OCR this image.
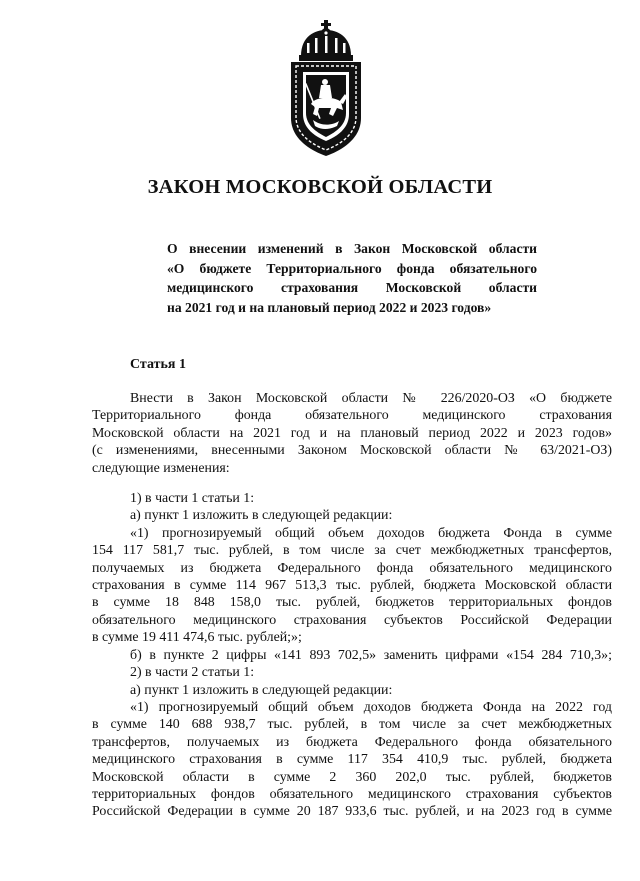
ЗАКОН МОСКОВСКОЙ ОБЛАСТИ
О внесении изменений в Закон Московской области
«О бюджете Территориального фонда обязательного
медицинского страхования Московской области
на 2021 год и на плановый период 2022 и 2023 годов»
Статья 1
Внести в Закон Московской области № 226/2020-ОЗ «О бюджете
Территориального фонда обязательного медицинского страхования
Московской области на 2021 год и на плановый период 2022 и 2023 годов»
(с изменениями, внесенными Законом Московской области № 63/2021-ОЗ)
следующие изменения:
1) в части 1 статьи 1:
а) пункт 1 изложить в следующей редакции:
«1) прогнозируемый общий объем доходов бюджета Фонда в сумме
154 117 581,7 тыс. рублей, в том числе за счет межбюджетных трансфертов,
получаемых из бюджета Федерального фонда обязательного медицинского
страхования в сумме 114 967 513,3 тыс. рублей, бюджета Московской области
в сумме 18 848 158,0 тыс. рублей, бюджетов территориальных фондов
обязательного медицинского страхования субъектов Российской Федерации
в сумме 19 411 474,6 тыс. рублей;»;
б) в пункте 2 цифры «141 893 702,5» заменить цифрами «154 284 710,3»;
2) в части 2 статьи 1:
а) пункт 1 изложить в следующей редакции:
«1) прогнозируемый общий объем доходов бюджета Фонда на 2022 год
в сумме 140 688 938,7 тыс. рублей, в том числе за счет межбюджетных
трансфертов, получаемых из бюджета Федерального фонда обязательного
медицинского страхования в сумме 117 354 410,9 тыс. рублей, бюджета
Московской области в сумме 2 360 202,0 тыс. рублей, бюджетов
территориальных фондов обязательного медицинского страхования субъектов
Российской Федерации в сумме 20 187 933,6 тыс. рублей, и на 2023 год в сумме
